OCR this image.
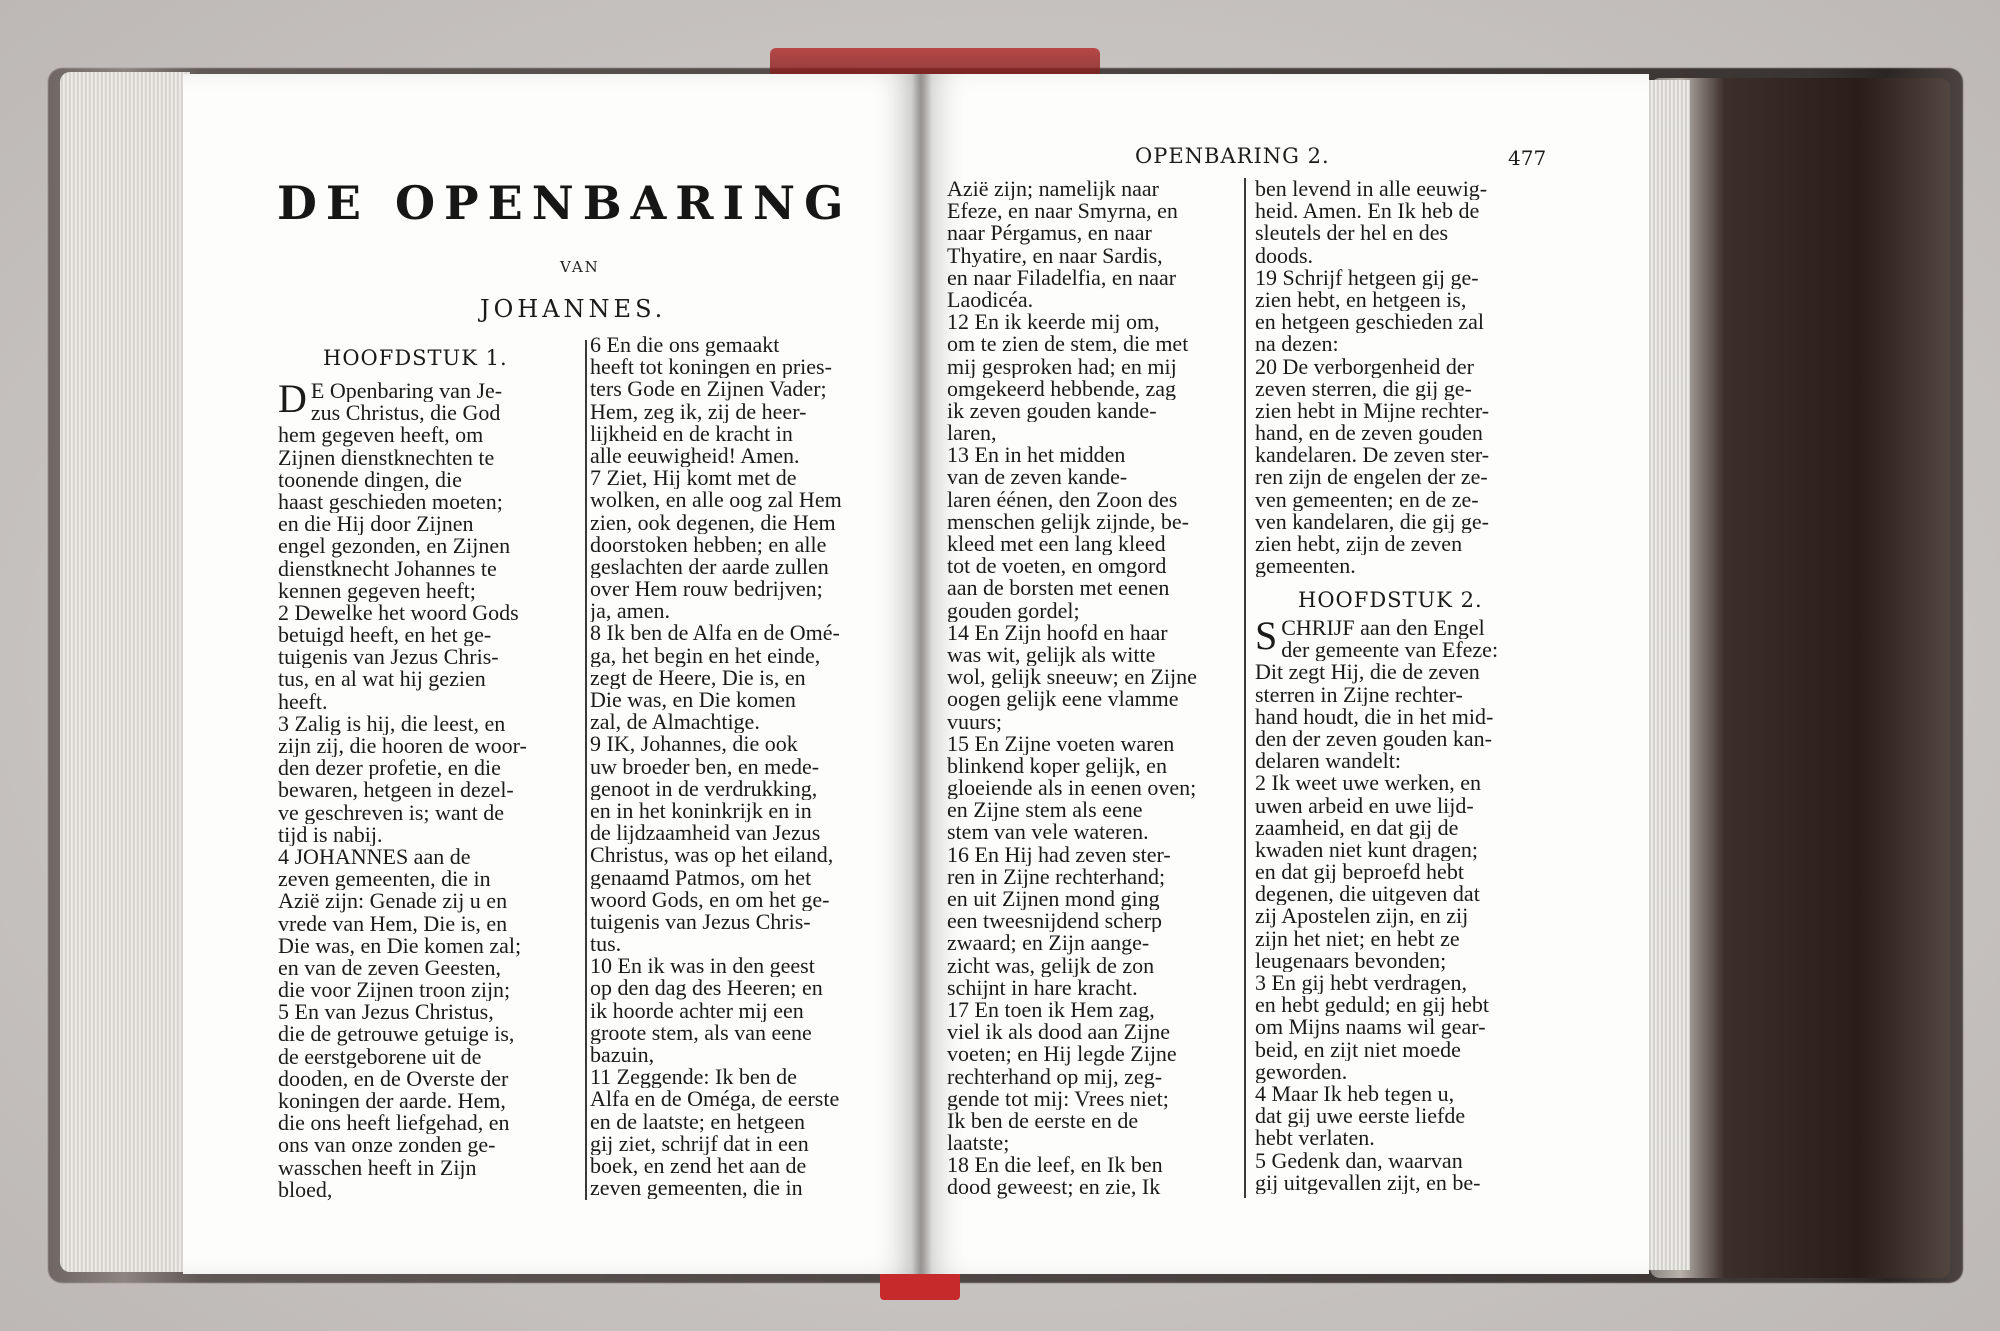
DE OPENBARING
VAN
JOHANNES.
HOOFDSTUK 1.
D E Openbaring van Je-
zus Christus, die God
hem gegeven heeft, om
Zijnen dienstknechten te
toonende dingen, die
haast geschieden moeten;
en die Hij door Zijnen
engel gezonden, en Zijnen
dienstknecht Johannes te
kennen gegeven heeft;
2 Dewelke het woord Gods
betuigd heeft, en het ge-
tuigenis van Jezus Chris-
tus, en al wat hij gezien
heeft.
3 Zalig is hij, die leest, en
zijn zij, die hooren de woor-
den dezer profetie, en die
bewaren, hetgeen in dezel-
ve geschreven is; want de
tijd is nabij.
4 JOHANNES aan de
zeven gemeenten, die in
Azië zijn: Genade zij u en
vrede van Hem, Die is, en
Die was, en Die komen zal;
en van de zeven Geesten,
die voor Zijnen troon zijn;
5 En van Jezus Christus,
die de getrouwe getuige is,
de eerstgeborene uit de
dooden, en de Overste der
koningen der aarde. Hem,
die ons heeft liefgehad, en
ons van onze zonden ge-
wasschen heeft in Zijn
bloed,
6 En die ons gemaakt
heeft tot koningen en pries-
ters Gode en Zijnen Vader;
Hem, zeg ik, zij de heer-
lijkheid en de kracht in
alle eeuwigheid! Amen.
7 Ziet, Hij komt met de
wolken, en alle oog zal Hem
zien, ook degenen, die Hem
doorstoken hebben; en alle
geslachten der aarde zullen
over Hem rouw bedrijven;
ja, amen.
8 Ik ben de Alfa en de Omé-
ga, het begin en het einde,
zegt de Heere, Die is, en
Die was, en Die komen
zal, de Almachtige.
9 IK, Johannes, die ook
uw broeder ben, en mede-
genoot in de verdrukking,
en in het koninkrijk en in
de lijdzaamheid van Jezus
Christus, was op het eiland,
genaamd Patmos, om het
woord Gods, en om het ge-
tuigenis van Jezus Chris-
tus.
10 En ik was in den geest
op den dag des Heeren; en
ik hoorde achter mij een
groote stem, als van eene
bazuin,
11 Zeggende: Ik ben de
Alfa en de Oméga, de eerste
en de laatste; en hetgeen
gij ziet, schrijf dat in een
boek, en zend het aan de
zeven gemeenten, die in
OPENBARING 2.	477
Azië zijn; namelijk naar
Efeze, en naar Smyrna, en
naar Pérgamus, en naar
Thyatire, en naar Sardis,
en naar Filadelfia, en naar
Laodicéa.
12 En ik keerde mij om,
om te zien de stem, die met
mij gesproken had; en mij
omgekeerd hebbende, zag
ik zeven gouden kande-
laren,
13 En in het midden
van de zeven kande-
laren éénen, den Zoon des
menschen gelijk zijnde, be-
kleed met een lang kleed
tot de voeten, en omgord
aan de borsten met eenen
gouden gordel;
14 En Zijn hoofd en haar
was wit, gelijk als witte
wol, gelijk sneeuw; en Zijne
oogen gelijk eene vlamme
vuurs;
15 En Zijne voeten waren
blinkend koper gelijk, en
gloeiende als in eenen oven;
en Zijne stem als eene
stem van vele wateren.
16 En Hij had zeven ster-
ren in Zijne rechterhand;
en uit Zijnen mond ging
een tweesnijdend scherp
zwaard; en Zijn aange-
zicht was, gelijk de zon
schijnt in hare kracht.
17 En toen ik Hem zag,
viel ik als dood aan Zijne
voeten; en Hij legde Zijne
rechterhand op mij, zeg-
gende tot mij: Vrees niet;
Ik ben de eerste en de
laatste;
18 En die leef, en Ik ben
dood geweest; en zie, Ik
ben levend in alle eeuwig-
heid. Amen. En Ik heb de
sleutels der hel en des
doods.
19 Schrijf hetgeen gij ge-
zien hebt, en hetgeen is,
en hetgeen geschieden zal
na dezen:
20 De verborgenheid der
zeven sterren, die gij ge-
zien hebt in Mijne rechter-
hand, en de zeven gouden
kandelaren. De zeven ster-
ren zijn de engelen der ze-
ven gemeenten; en de ze-
ven kandelaren, die gij ge-
zien hebt, zijn de zeven
gemeenten.
HOOFDSTUK 2.
S CHRIJF aan den Engel
der gemeente van Efeze:
Dit zegt Hij, die de zeven
sterren in Zijne rechter-
hand houdt, die in het mid-
den der zeven gouden kan-
delaren wandelt:
2 Ik weet uwe werken, en
uwen arbeid en uwe lijd-
zaamheid, en dat gij de
kwaden niet kunt dragen;
en dat gij beproefd hebt
degenen, die uitgeven dat
zij Apostelen zijn, en zij
zijn het niet; en hebt ze
leugenaars bevonden;
3 En gij hebt verdragen,
en hebt geduld; en gij hebt
om Mijns naams wil gear-
beid, en zijt niet moede
geworden.
4 Maar Ik heb tegen u,
dat gij uwe eerste liefde
hebt verlaten.
5 Gedenk dan, waarvan
gij uitgevallen zijt, en be-
